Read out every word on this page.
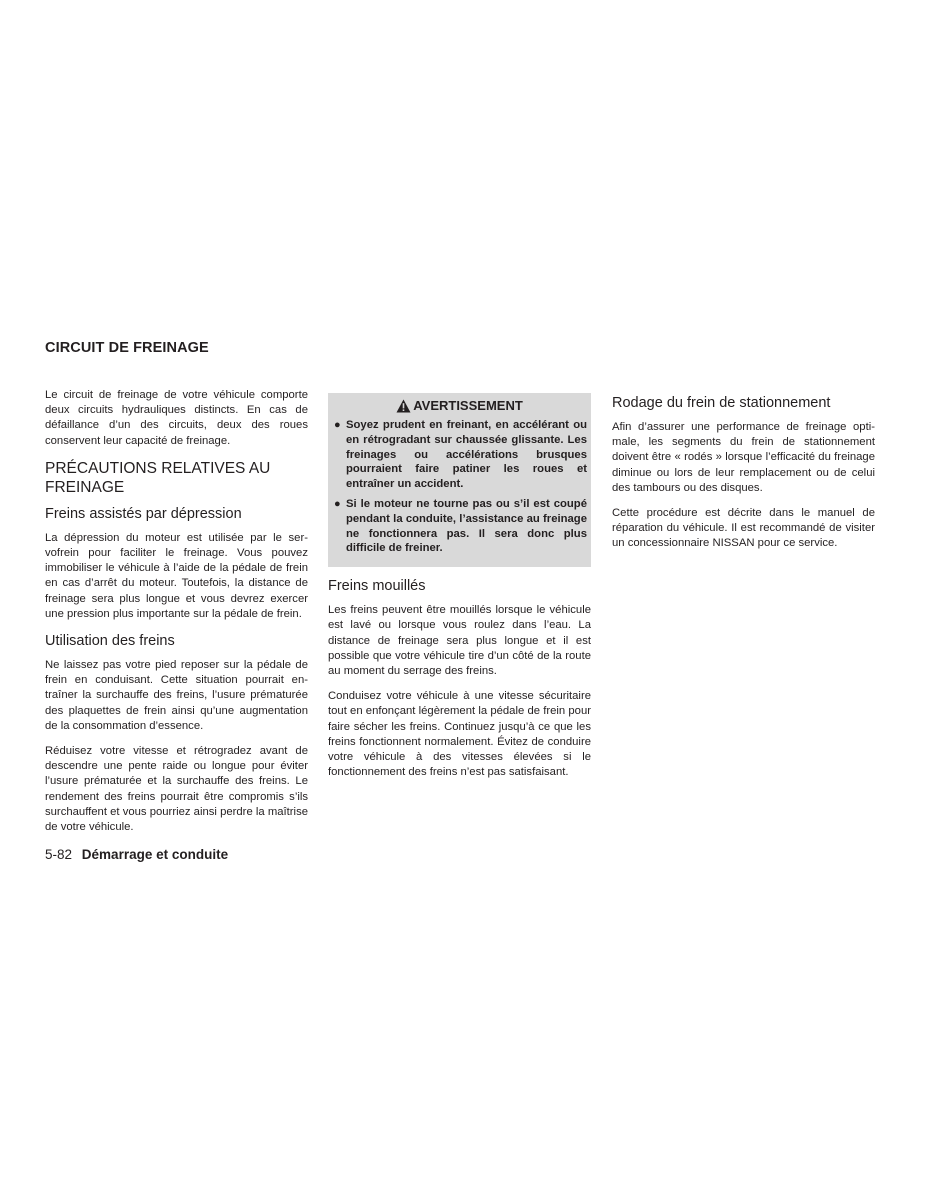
CIRCUIT DE FREINAGE

Le circuit de freinage de votre véhicule comporte deux circuits hydrauliques distincts. En cas de défaillance d’un des circuits, deux des roues conservent leur capacité de freinage.

PRÉCAUTIONS RELATIVES AU FREINAGE
Freins assistés par dépression

La dépression du moteur est utilisée par le servofrein pour faciliter le freinage. Vous pouvez immobiliser le véhicule à l’aide de la pédale de frein en cas d’arrêt du moteur. Toutefois, la distance de freinage sera plus longue et vous devrez exercer une pression plus importante sur la pédale de frein.

Utilisation des freins

Ne laissez pas votre pied reposer sur la pédale de frein en conduisant. Cette situation pourrait entraîner la surchauffe des freins, l’usure prématurée des plaquettes de frein ainsi qu’une augmentation de la consommation d’essence.

Réduisez votre vitesse et rétrogradez avant de descendre une pente raide ou longue pour éviter l’usure prématurée et la surchauffe des freins. Le rendement des freins pourrait être compromis s’ils surchauffent et vous pourriez ainsi perdre la maîtrise de votre véhicule.

AVERTISSEMENT
● Soyez prudent en freinant, en accélérant ou en rétrogradant sur chaussée glissante. Les freinages ou accélérations brusques pourraient faire patiner les roues et entraîner un accident.
● Si le moteur ne tourne pas ou s’il est coupé pendant la conduite, l’assistance au freinage ne fonctionnera pas. Il sera donc plus difficile de freiner.
Freins mouillés

Les freins peuvent être mouillés lorsque le véhicule est lavé ou lorsque vous roulez dans l’eau. La distance de freinage sera plus longue et il est possible que votre véhicule tire d’un côté de la route au moment du serrage des freins.

Conduisez votre véhicule à une vitesse sécuritaire tout en enfonçant légèrement la pédale de frein pour faire sécher les freins. Continuez jusqu’à ce que les freins fonctionnent normalement. Évitez de conduire votre véhicule à des vitesses élevées si le fonctionnement des freins n’est pas satisfaisant.

Rodage du frein de stationnement

Afin d’assurer une performance de freinage optimale, les segments du frein de stationnement doivent être « rodés » lorsque l’efficacité du freinage diminue ou lors de leur remplacement ou de celui des tambours ou des disques.

Cette procédure est décrite dans le manuel de réparation du véhicule. Il est recommandé de visiter un concessionnaire NISSAN pour ce service.

5-82 Démarrage et conduite
